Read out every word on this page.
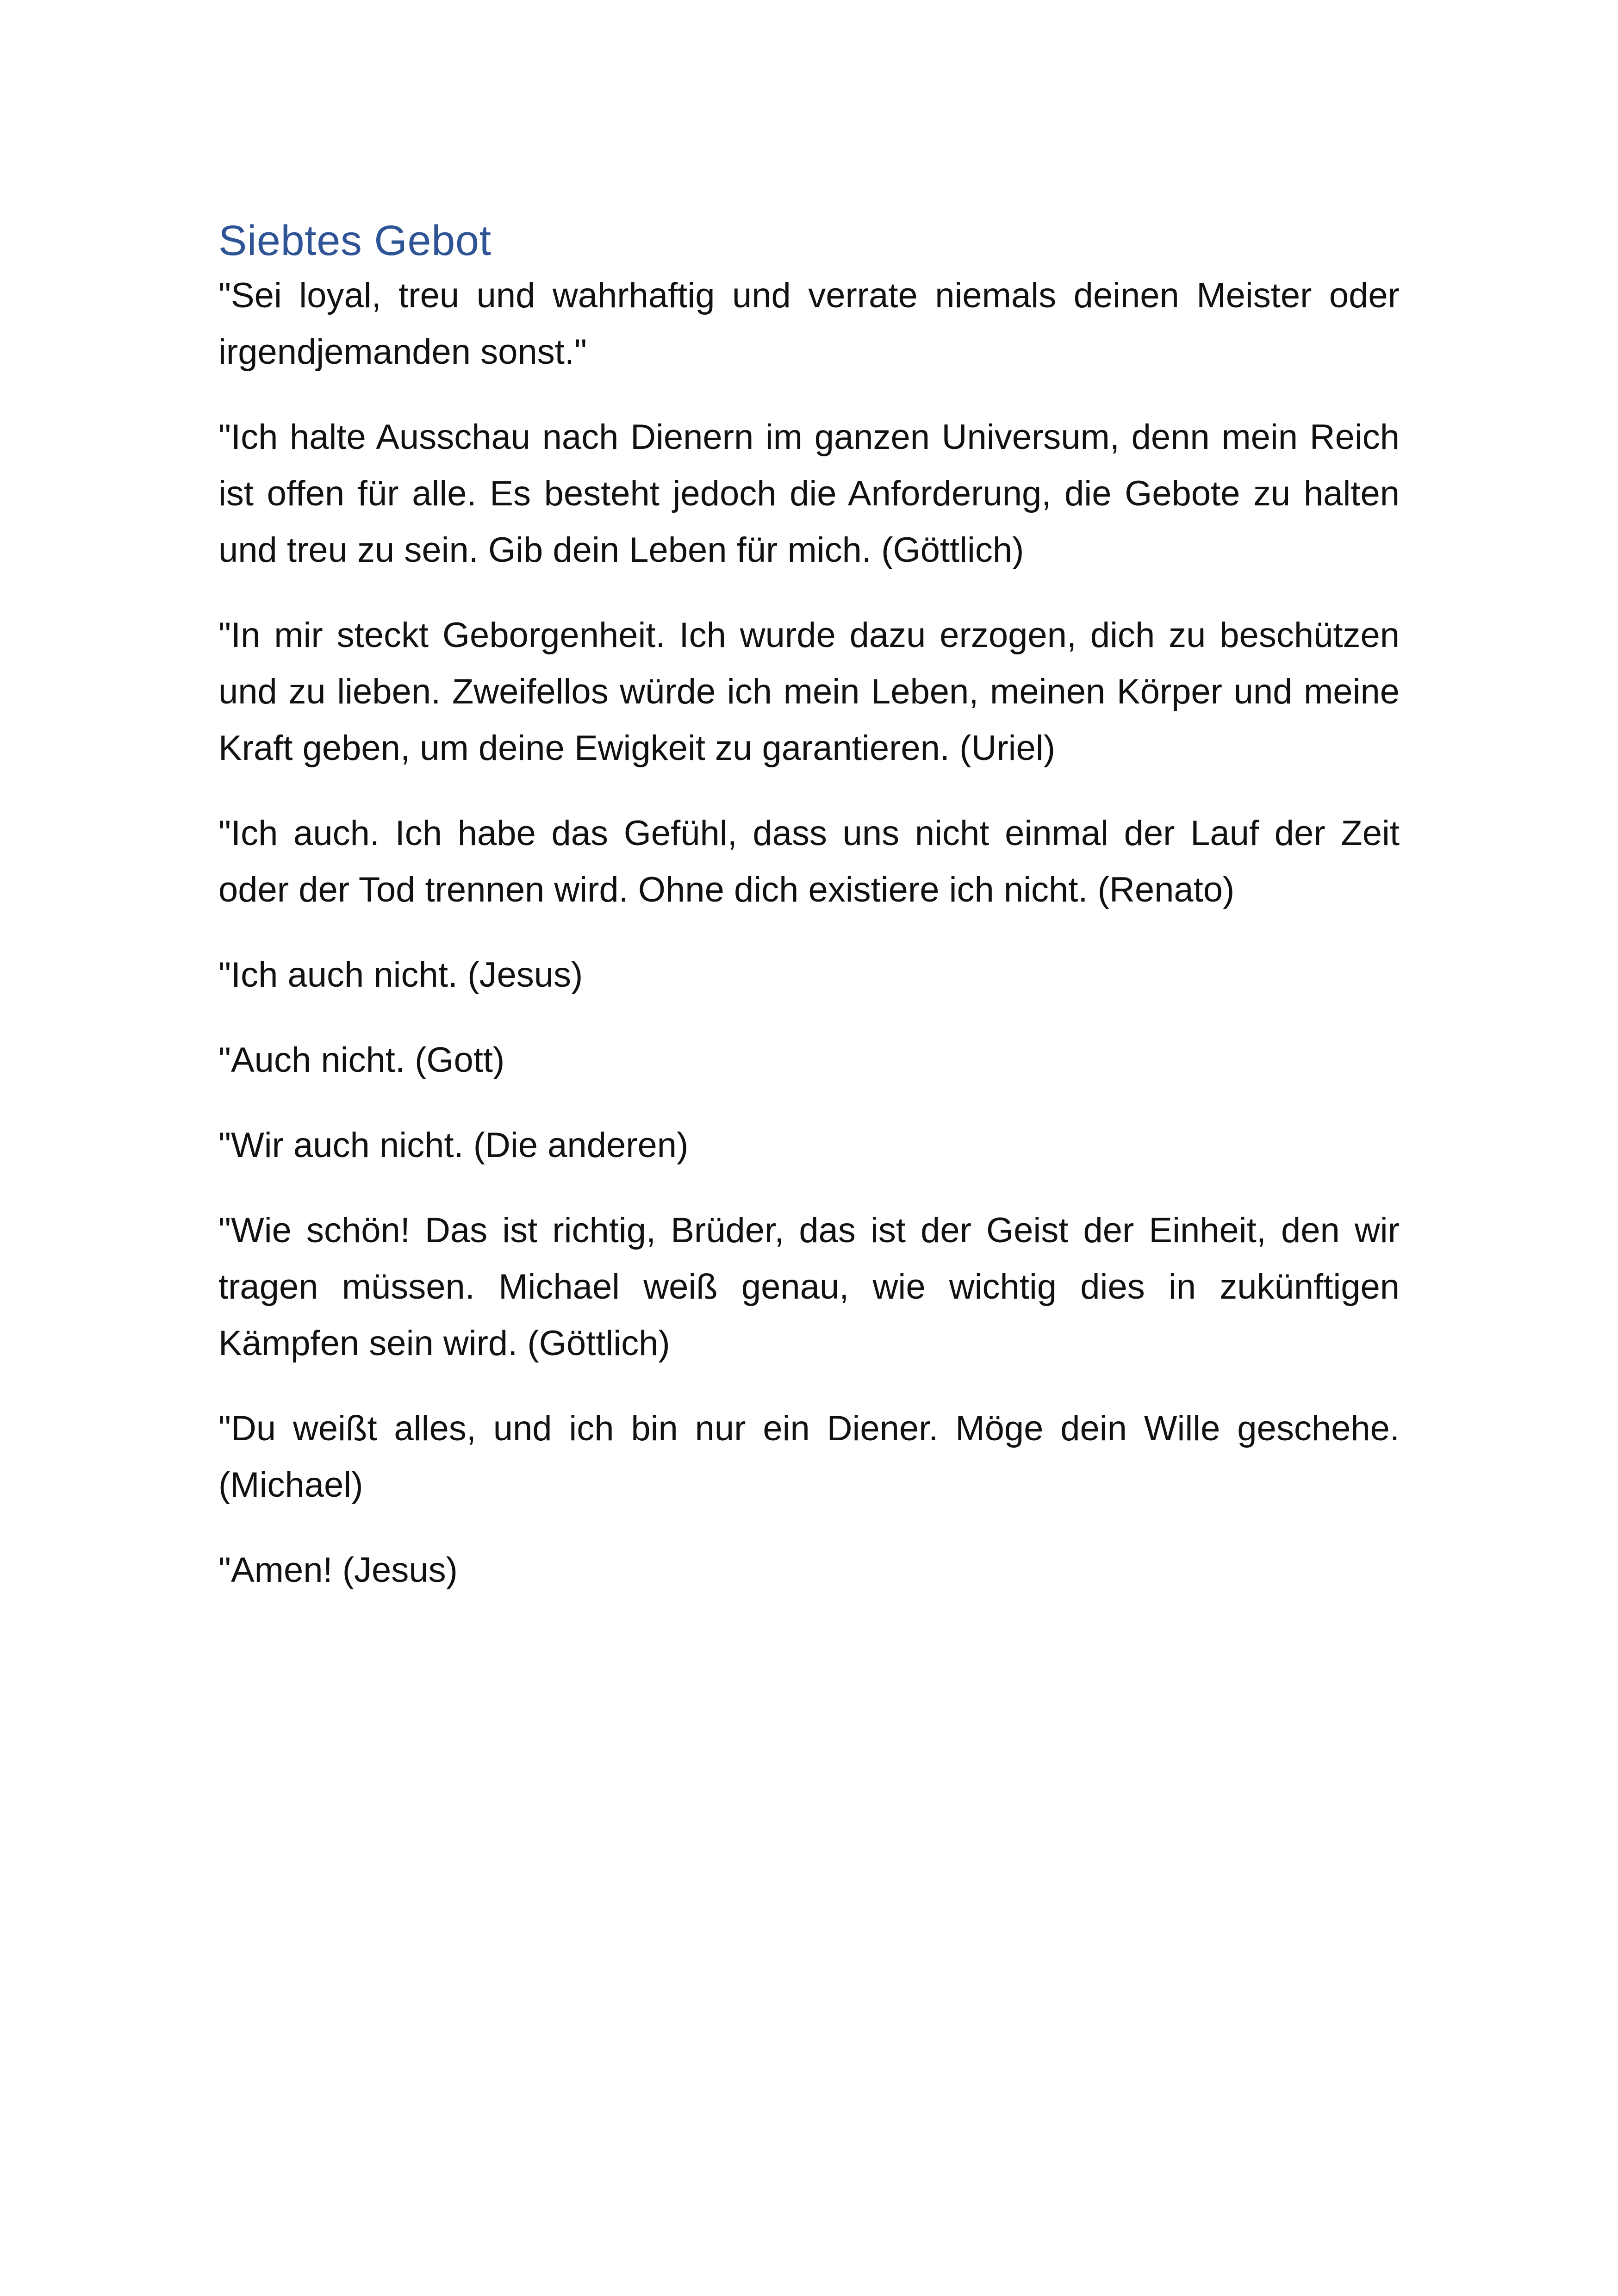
Siebtes Gebot

"Sei loyal, treu und wahrhaftig und verrate niemals deinen Meister oder irgendjemanden sonst."

"Ich halte Ausschau nach Dienern im ganzen Universum, denn mein Reich ist offen für alle. Es besteht jedoch die Anforderung, die Gebote zu halten und treu zu sein. Gib dein Leben für mich. (Göttlich)

"In mir steckt Geborgenheit. Ich wurde dazu erzogen, dich zu beschützen und zu lieben. Zweifellos würde ich mein Leben, meinen Körper und meine Kraft geben, um deine Ewigkeit zu garantieren. (Uriel)

"Ich auch. Ich habe das Gefühl, dass uns nicht einmal der Lauf der Zeit oder der Tod trennen wird. Ohne dich existiere ich nicht. (Renato)

"Ich auch nicht. (Jesus)

"Auch nicht. (Gott)

"Wir auch nicht. (Die anderen)

"Wie schön! Das ist richtig, Brüder, das ist der Geist der Einheit, den wir tragen müssen. Michael weiß genau, wie wichtig dies in zukünftigen Kämpfen sein wird. (Göttlich)

"Du weißt alles, und ich bin nur ein Diener. Möge dein Wille geschehe. (Michael)

"Amen! (Jesus)
